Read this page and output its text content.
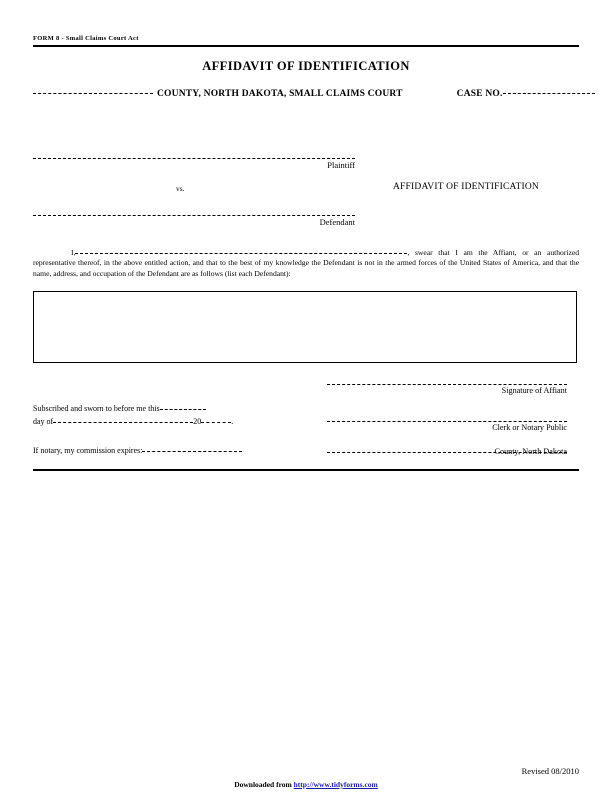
FORM 8 - Small Claims Court Act
AFFIDAVIT OF IDENTIFICATION
COUNTY, NORTH DAKOTA, SMALL CLAIMS COURT	CASE NO.
Plaintiff
vs.	AFFIDAVIT OF IDENTIFICATION
Defendant
I,	, swear that I am the Affiant, or an authorized representative thereof, in the above entitled action, and that to the best of my knowledge the Defendant is not in the armed forces of the United States of America, and that the name, address, and occupation of the Defendant are as follows (list each Defendant):
Signature of Affiant
Subscribed and sworn to before me this
day of	20	.
Clerk or Notary Public
If notary, my commission expires:	County, North Dakota
Revised 08/2010
Downloaded from http://www.tidyforms.com
